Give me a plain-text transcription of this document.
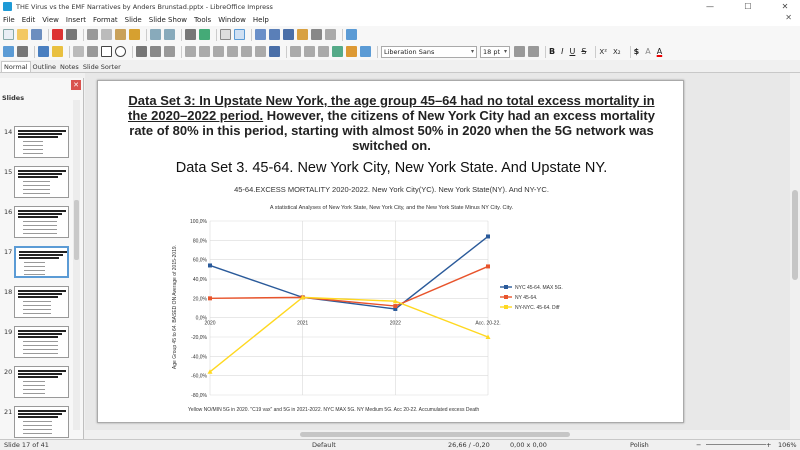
THE Virus vs the EMF Narratives by Anders Brunstad.pptx - LibreOffice Impress	—	☐	✕
File Edit View Insert Format Slide Slide Show Tools Window Help	✕
Liberation Sans ▾	18 pt ▾	B I U S X² X₂ $ A A
Normal Outline Notes Slide Sorter
Slides
✕
14
15
16
17
18
19
20
21
Data Set 3: In Upstate New York, the age group 45–64 had no total excess mortality in the 2020–2022 period. However, the citizens of New York City had an excess mortality rate of 80% in this period, starting with almost 50% in 2020 when the 5G network was switched on.
Data Set 3. 45-64. New York City, New York State. And Upstate NY.
45-64.EXCESS MORTALITY 2020-2022. New York City(YC). New York State(NY). And NY-YC.
A statistical Analyses of New York State, New York City, and the New York State Minus NY City. City.
100,0%
80,0%
60,0%
40,0%
20,0%
0,0%
-20,0%
-40,0%
-60,0%
-80,0%
2020	2021	2022	Acc. 20-22.
NYC 45-64. MAX 5G.
NY 45-64.
NY-NYC. 45-64. Diff
Age Group 45 to 64. BASED ON Average of 2015-2019.
Yellow NO/MIN 5G in 2020. "C19 vax" and 5G in 2021-2022. NYC MAX 5G. NY Medium 5G. Acc 20-22. Accumulated excess Death
Slide 17 of 41	Default	26,66 / -0,20	0,00 x 0,00	Polish	−	+ 106%
